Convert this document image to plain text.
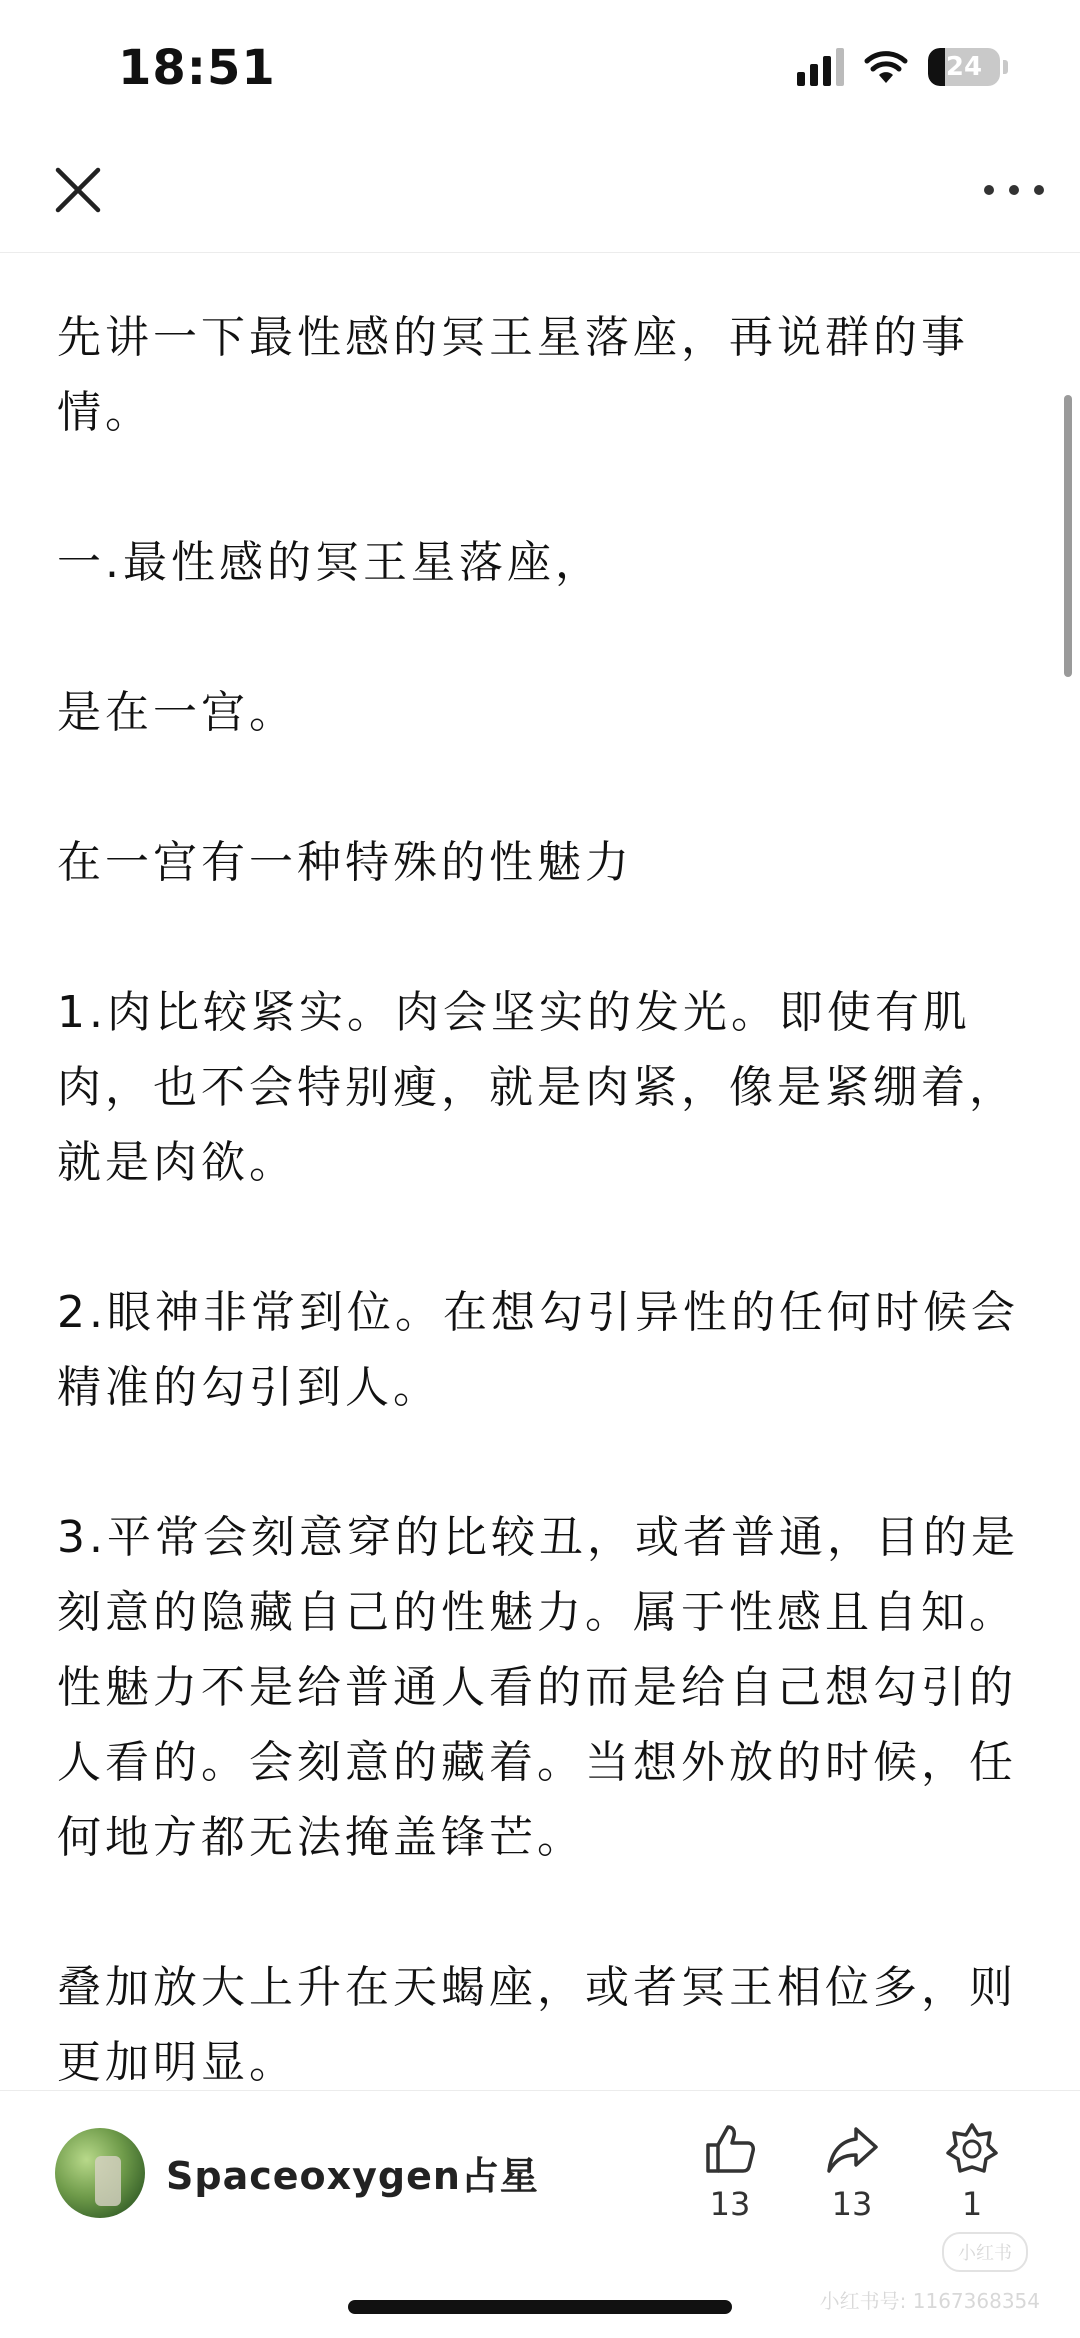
18:51	24

先讲一下最性感的冥王星落座，再说群的事情。

一.最性感的冥王星落座，

是在一宫。

在一宫有一种特殊的性魅力

1.肉比较紧实。肉会坚实的发光。即使有肌肉，也不会特别瘦，就是肉紧，像是紧绷着，就是肉欲。

2.眼神非常到位。在想勾引异性的任何时候会精准的勾引到人。

3.平常会刻意穿的比较丑，或者普通，目的是刻意的隐藏自己的性魅力。属于性感且自知。性魅力不是给普通人看的而是给自己想勾引的人看的。会刻意的藏着。当想外放的时候，任何地方都无法掩盖锋芒。

叠加放大上升在天蝎座，或者冥王相位多，则更加明显。

Spaceoxygen占星
13	13	1
小红书
小红书号: 1167368354
